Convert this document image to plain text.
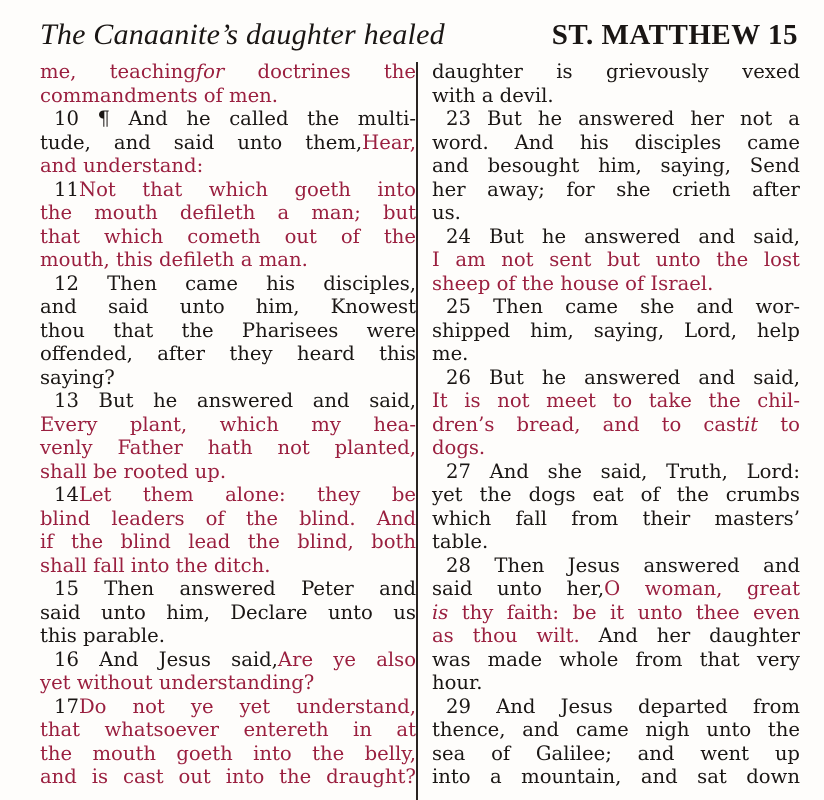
The Canaanite’s daughter healed	ST. MATTHEW 15
me, teachingfor doctrines the
commandments of men.
10 ¶ And he called the multi-
tude, and said unto them,Hear,
and understand:
11Not that which goeth into
the mouth defileth a man; but
that which cometh out of the
mouth, this defileth a man.
12 Then came his disciples,
and said unto him, Knowest
thou that the Pharisees were
offended, after they heard this
saying?
13 But he answered and said,
Every plant, which my hea-
venly Father hath not planted,
shall be rooted up.
14Let them alone: they be
blind leaders of the blind. And
if the blind lead the blind, both
shall fall into the ditch.
15 Then answered Peter and
said unto him, Declare unto us
this parable.
16 And Jesus said,Are ye also
yet without understanding?
17Do not ye yet understand,
that whatsoever entereth in at
the mouth goeth into the belly,
and is cast out into the draught?
daughter is grievously vexed
with a devil.
23 But he answered her not a
word. And his disciples came
and besought him, saying, Send
her away; for she crieth after
us.
24 But he answered and said,
I am not sent but unto the lost
sheep of the house of Israel.
25 Then came she and wor-
shipped him, saying, Lord, help
me.
26 But he answered and said,
It is not meet to take the chil-
dren’s bread, and to castit to
dogs.
27 And she said, Truth, Lord:
yet the dogs eat of the crumbs
which fall from their masters’
table.
28 Then Jesus answered and
said unto her,O woman, great
is thy faith: be it unto thee even
as thou wilt. And her daughter
was made whole from that very
hour.
29 And Jesus departed from
thence, and came nigh unto the
sea of Galilee; and went up
into a mountain, and sat down
